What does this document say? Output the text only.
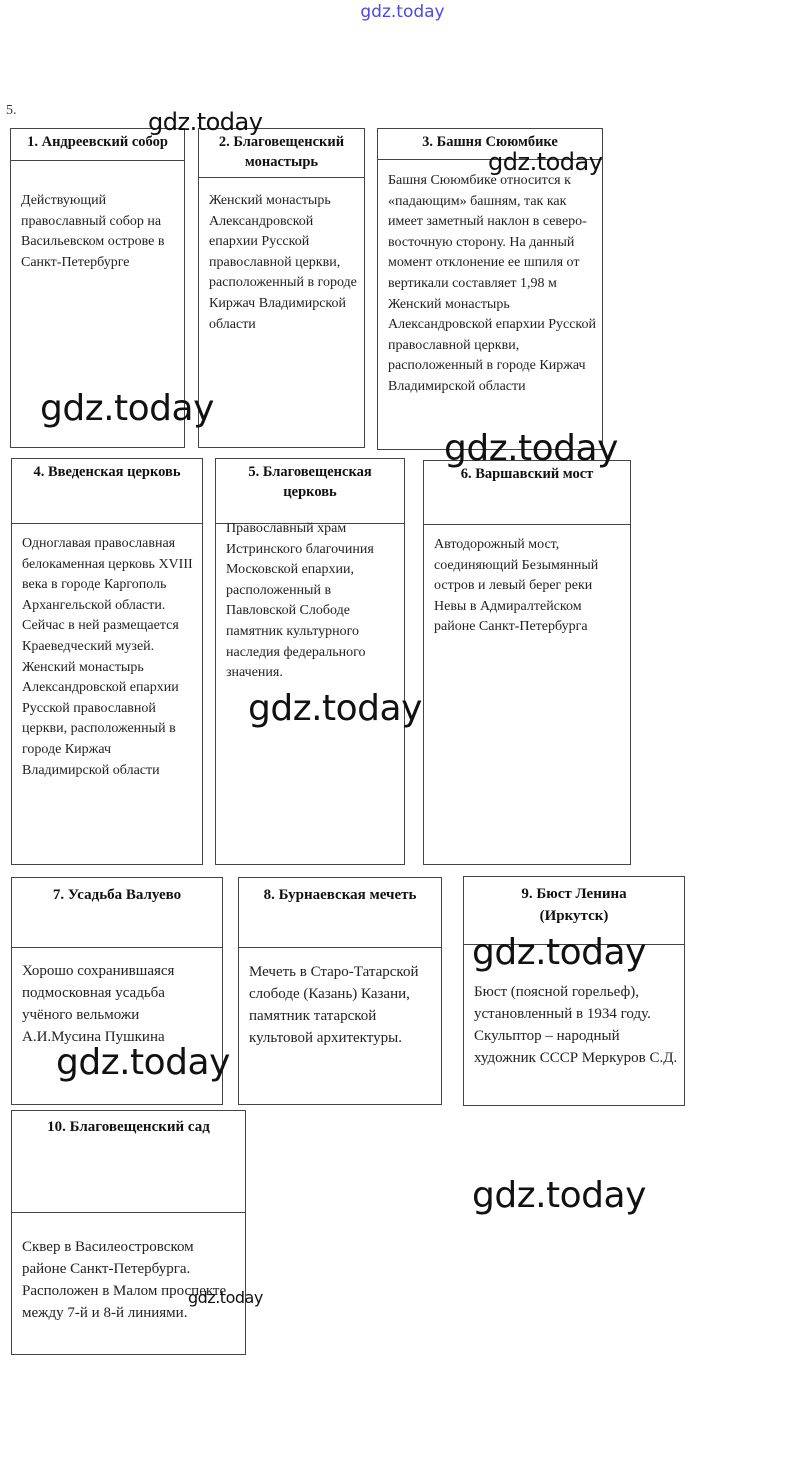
gdz.today
5.
1. Андреевский собор
Действующий православный собор на Васильевском острове в Санкт-Петербурге
2. Благовещенский монастырь
Женский монастырь Александровской епархии Русской православной церкви, расположенный в городе Киржач Владимирской области
3. Башня Сююмбике
Башня Сююмбике относится к «падающим» башням, так как имеет заметный наклон в северо-восточную сторону. На данный момент отклонение ее шпиля от вертикали составляет 1,98 м Женский монастырь Александровской епархии Русской православной церкви, расположенный в городе Киржач Владимирской области
4. Введенская церковь
Одноглавая православная белокаменная церковь XVIII века в городе Каргополь Архангельской области. Сейчас в ней размещается Краеведческий музей. Женский монастырь Александровской епархии Русской православной церкви, расположенный в городе Киржач Владимирской области
5. Благовещенская церковь
Православный храм Истринского благочиния Московской епархии, расположенный в Павловской Слободе памятник культурного наследия федерального значения.
6. Варшавский мост
Автодорожный мост, соединяющий Безымянный остров и левый берег реки Невы в Адмиралтейском районе Санкт-Петербурга
7. Усадьба Валуево
Хорошо сохранившаяся подмосковная усадьба учёного вельможи А.И.Мусина Пушкина
8. Бурнаевская мечеть
Мечеть в Старо-Татарской слободе (Казань) Казани, памятник татарской культовой архитектуры.
9. Бюст Ленина (Иркутск)
Бюст (поясной горельеф), установленный в 1934 году. Скульптор – народный художник СССР Меркуров С.Д.
10. Благовещенский сад
Сквер в Василеостровском районе Санкт-Петербурга. Расположен в Малом проспекте между 7-й и 8-й линиями.
gdz.today
gdz.today
gdz.today
gdz.today
gdz.today
gdz.today
gdz.today
gdz.today
gdz.today
